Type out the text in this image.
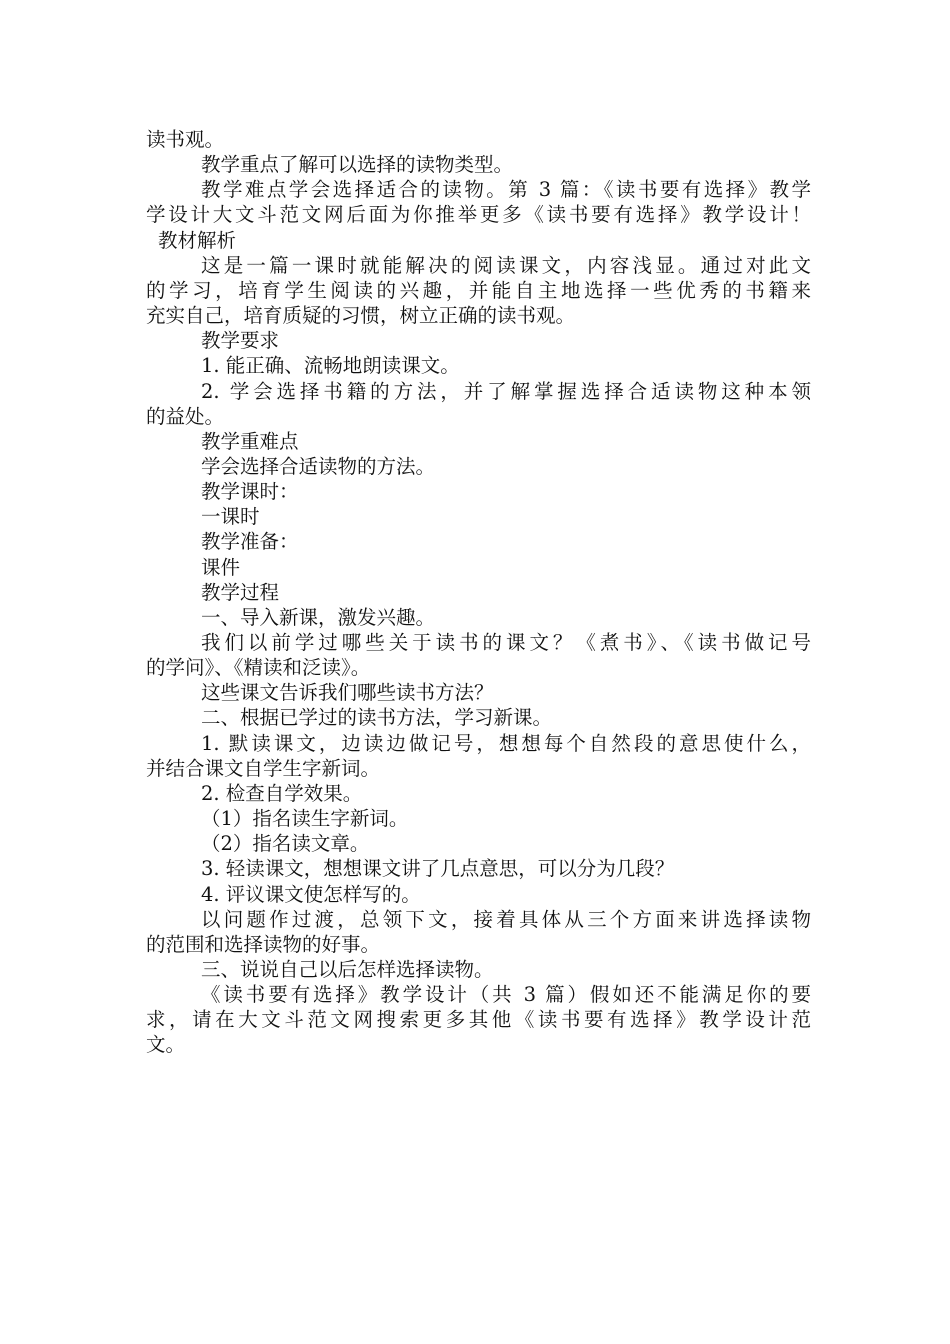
读书观。
教学重点了解可以选择的读物类型。
教学难点学会选择适合的读物。第 3 篇：《读书要有选择》教学
学设计大文斗范文网后面为你推举更多《读书要有选择》教学设计！
教材解析
这是一篇一课时就能解决的阅读课文，内容浅显。通过对此文
的学习，培育学生阅读的兴趣，并能自主地选择一些优秀的书籍来
充实自己，培育质疑的习惯，树立正确的读书观。
教学要求
1. 能正确、流畅地朗读课文。
2. 学会选择书籍的方法，并了解掌握选择合适读物这种本领
的益处。
教学重难点
学会选择合适读物的方法。
教学课时：
一课时
教学准备：
课件
教学过程
一、导入新课，激发兴趣。
我们以前学过哪些关于读书的课文？《煮书》、《读书做记号
的学问》、《精读和泛读》。
这些课文告诉我们哪些读书方法？
二、根据已学过的读书方法，学习新课。
1. 默读课文，边读边做记号，想想每个自然段的意思使什么，
并结合课文自学生字新词。
2. 检查自学效果。
（1）指名读生字新词。
（2）指名读文章。
3. 轻读课文，想想课文讲了几点意思，可以分为几段？
4. 评议课文使怎样写的。
以问题作过渡，总领下文，接着具体从三个方面来讲选择读物
的范围和选择读物的好事。
三、说说自己以后怎样选择读物。
《读书要有选择》教学设计（共 3 篇）假如还不能满足你的要
求，请在大文斗范文网搜索更多其他《读书要有选择》教学设计范
文。
